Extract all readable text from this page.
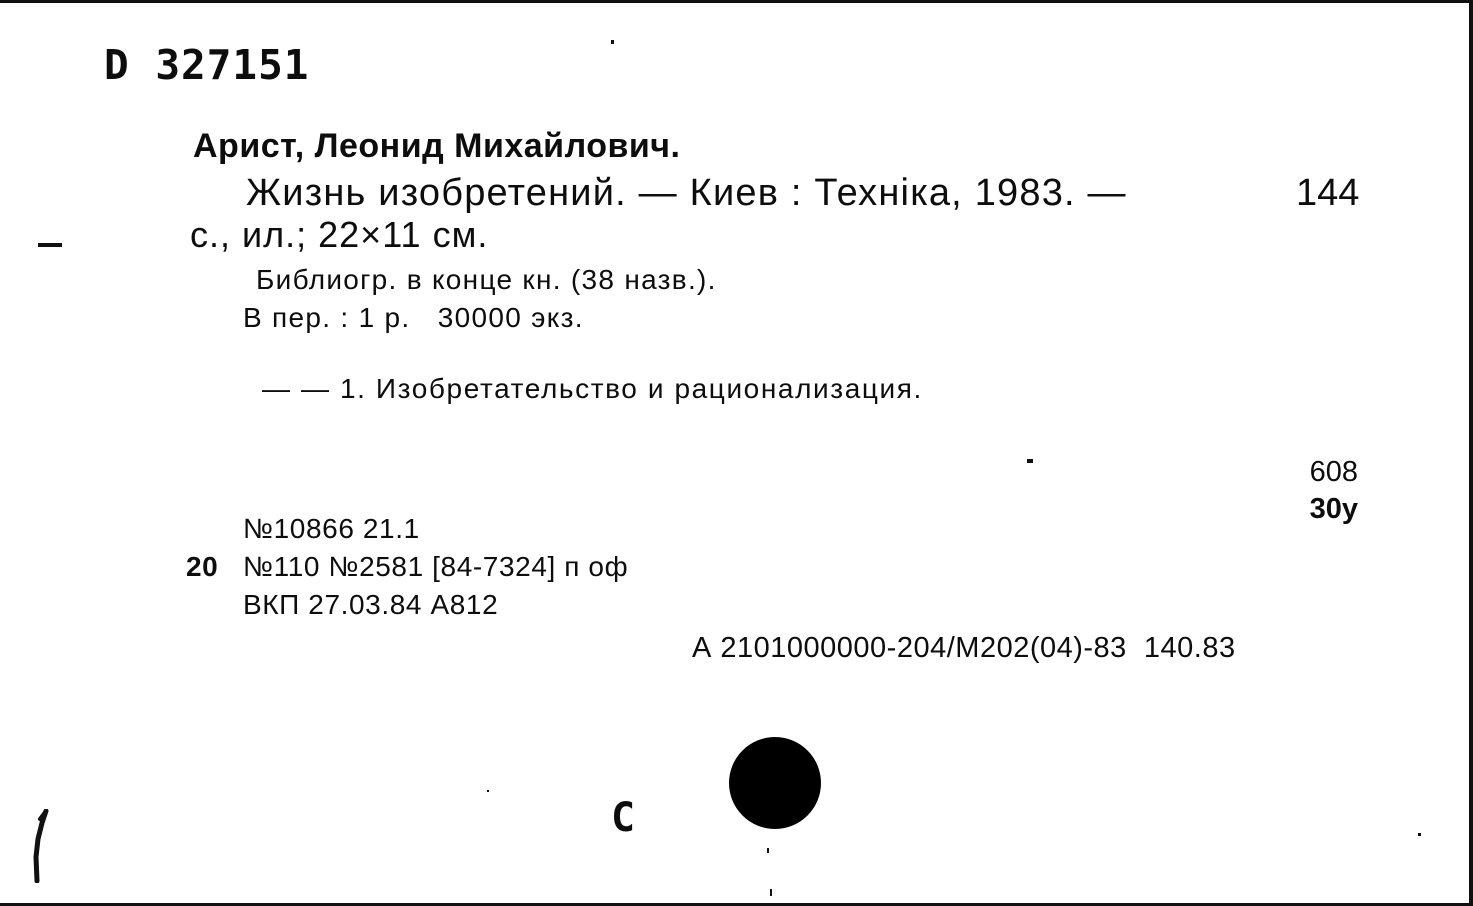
D 327151
Арист, Леонид Михайлович.
Жизнь изобретений. — Киев : Техніка, 1983. —	144
с., ил.; 22×11 см.
Библиогр. в конце кн. (38 назв.).
В пер. : 1 р.   30000 экз.
— — 1. Изобретательство и рационализация.
608
30у
№10866 21.1
20 №110 №2581 [84-7324] п оф
ВКП 27.03.84 А812
А 2101000000-204/М202(04)-83  140.83
С
